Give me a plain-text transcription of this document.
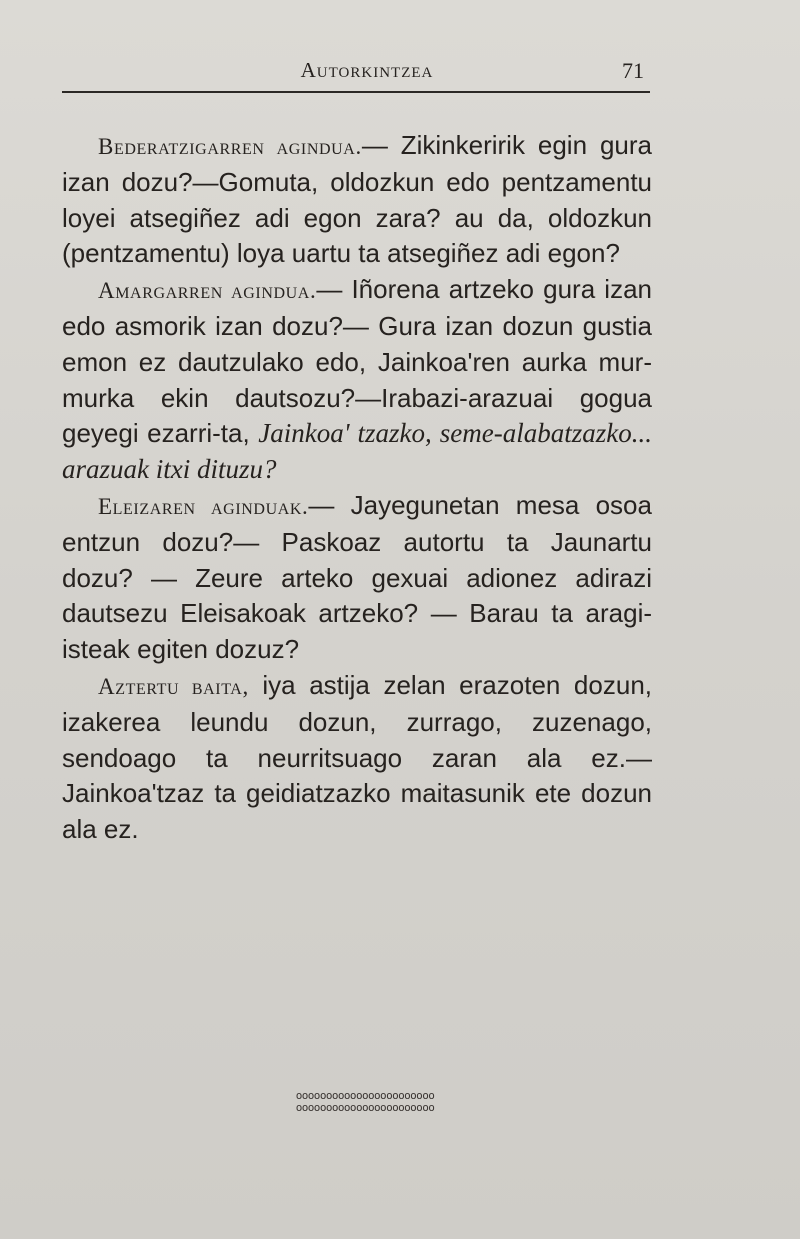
Autorkintzea	71

Bederatzigarren agindua.— Zikinkeririk egin gura izan dozu?—Gomuta, oldozkun edo pentzamentu loyei atsegiñez adi egon zara? au da, oldozkun (pentzamentu) loya uartu ta atsegiñez adi egon?

Amargarren agindua.— Iñorena artzeko gura izan edo asmorik izan dozu?— Gura izan dozun gustia emon ez dautzulako edo, Jainkoa'ren aurka mur-murka ekin dautsozu?—Irabazi-arazuai gogua geyegi ezarri-ta, Jainkoa' tzazko, seme-alabatzazko... arazuak itxi dituzu?

Eleizaren aginduak.— Jayegunetan mesa osoa entzun dozu?— Paskoaz autortu ta Jaunartu dozu? — Zeure arteko gexuai adionez adirazi dautsezu Eleisakoak artzeko? — Barau ta aragi-isteak egiten dozuz?

Aztertu baita, iya astija zelan erazoten dozun, izakerea leundu dozun, zurrago, zuzenago, sendoago ta neurritsuago zaran ala ez.—Jainkoa'tzaz ta geidiatzazko maitasunik ete dozun ala ez.

ooooooooooooooooooooooo
ooooooooooooooooooooooo
